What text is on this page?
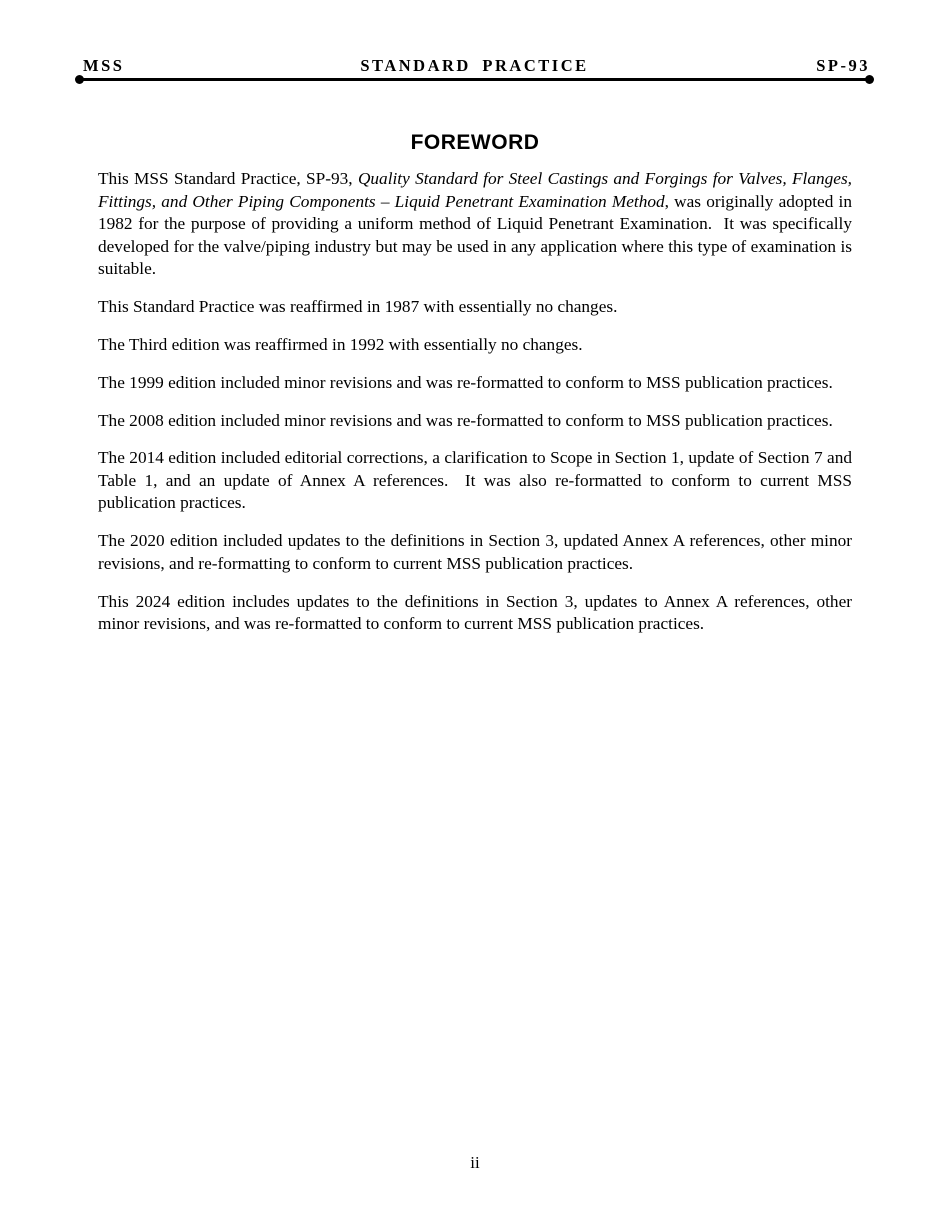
MSS	STANDARD PRACTICE	SP-93
FOREWORD

This MSS Standard Practice, SP-93, Quality Standard for Steel Castings and Forgings for Valves, Flanges, Fittings, and Other Piping Components – Liquid Penetrant Examination Method, was originally adopted in 1982 for the purpose of providing a uniform method of Liquid Penetrant Examination.  It was specifically developed for the valve/piping industry but may be used in any application where this type of examination is suitable.

This Standard Practice was reaffirmed in 1987 with essentially no changes.

The Third edition was reaffirmed in 1992 with essentially no changes.

The 1999 edition included minor revisions and was re-formatted to conform to MSS publication practices.

The 2008 edition included minor revisions and was re-formatted to conform to MSS publication practices.

The 2014 edition included editorial corrections, a clarification to Scope in Section 1, update of Section 7 and Table 1, and an update of Annex A references.  It was also re-formatted to conform to current MSS publication practices.

The 2020 edition included updates to the definitions in Section 3, updated Annex A references, other minor revisions, and re-formatting to conform to current MSS publication practices.

This 2024 edition includes updates to the definitions in Section 3, updates to Annex A references, other minor revisions, and was re-formatted to conform to current MSS publication practices.

ii
